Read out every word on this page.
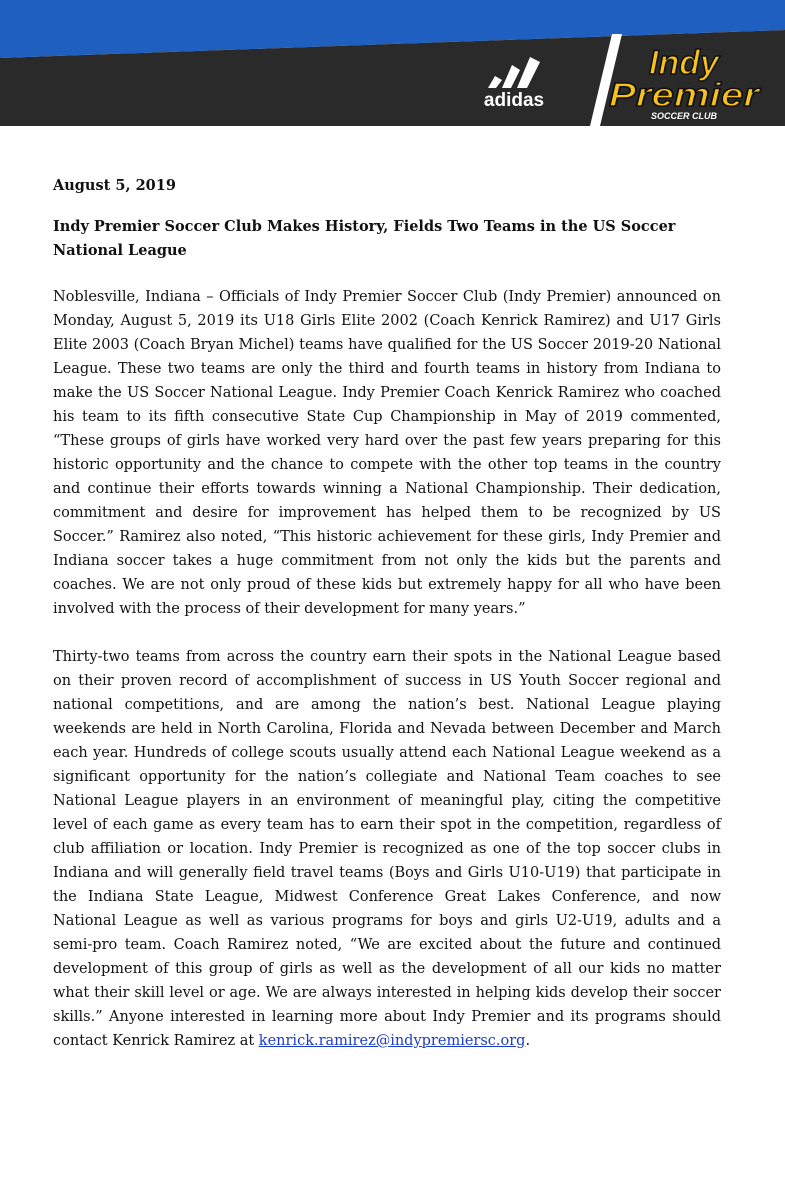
adidas
Indy
Premier
SOCCER CLUB

August 5, 2019

Indy Premier Soccer Club Makes History, Fields Two Teams in the US Soccer National League

Noblesville, Indiana – Officials of Indy Premier Soccer Club (Indy Premier) announced on Monday, August 5, 2019 its U18 Girls Elite 2002 (Coach Kenrick Ramirez) and U17 Girls Elite 2003 (Coach Bryan Michel) teams have qualified for the US Soccer 2019-20 National League. These two teams are only the third and fourth teams in history from Indiana to make the US Soccer National League. Indy Premier Coach Kenrick Ramirez who coached his team to its fifth consecutive State Cup Championship in May of 2019 commented, “These groups of girls have worked very hard over the past few years preparing for this historic opportunity and the chance to compete with the other top teams in the country and continue their efforts towards winning a National Championship. Their dedication, commitment and desire for improvement has helped them to be recognized by US Soccer.” Ramirez also noted, “This historic achievement for these girls, Indy Premier and Indiana soccer takes a huge commitment from not only the kids but the parents and coaches. We are not only proud of these kids but extremely happy for all who have been involved with the process of their development for many years.”

Thirty-two teams from across the country earn their spots in the National League based on their proven record of accomplishment of success in US Youth Soccer regional and national competitions, and are among the nation’s best. National League playing weekends are held in North Carolina, Florida and Nevada between December and March each year. Hundreds of college scouts usually attend each National League weekend as a significant opportunity for the nation’s collegiate and National Team coaches to see National League players in an environment of meaningful play, citing the competitive level of each game as every team has to earn their spot in the competition, regardless of club affiliation or location. Indy Premier is recognized as one of the top soccer clubs in Indiana and will generally field travel teams (Boys and Girls U10-U19) that participate in the Indiana State League, Midwest Conference Great Lakes Conference, and now National League as well as various programs for boys and girls U2-U19, adults and a semi-pro team. Coach Ramirez noted, “We are excited about the future and continued development of this group of girls as well as the development of all our kids no matter what their skill level or age. We are always interested in helping kids develop their soccer skills.” Anyone interested in learning more about Indy Premier and its programs should contact Kenrick Ramirez at kenrick.ramirez@indypremiersc.org.
